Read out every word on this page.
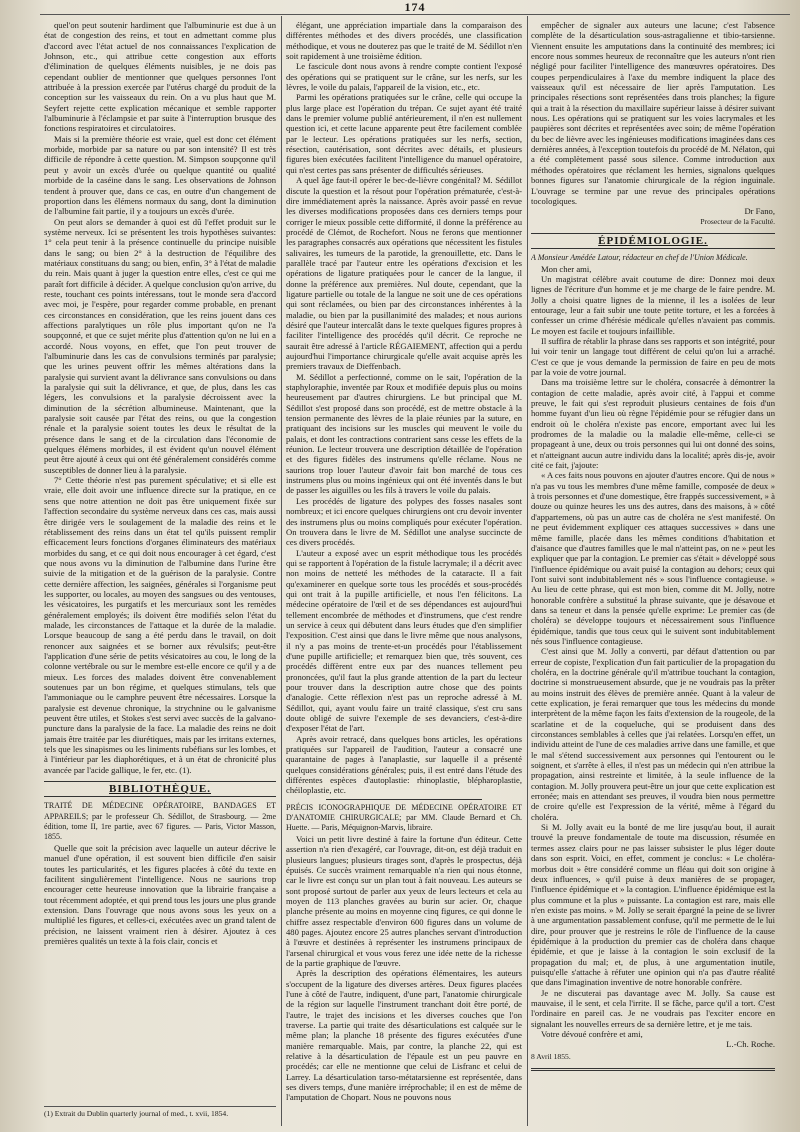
174

quel'on peut soutenir hardiment que l'albuminurie est due à un état de congestion des reins, et tout en admettant comme plus d'accord avec l'état actuel de nos connaissances l'explication de Johnson, etc., qui attribue cette congestion aux efforts d'élimination de quelques éléments nuisibles, je ne dois pas cependant oublier de mentionner que quelques personnes l'ont attribuée à la pression exercée par l'utérus chargé du produit de la conception sur les vaisseaux du rein. On a vu plus haut que M. Seyfert rejette cette explication mécanique et semble rapporter l'albuminurie à l'éclampsie et par suite à l'interruption brusque des fonctions respiratoires et circulatoires.

Mais si la première théorie est vraie, quel est donc cet élément morbide, morbide par sa nature ou par son intensité? Il est très difficile de répondre à cette question. M. Simpson soupçonne qu'il peut y avoir un excès d'urée ou quelque quantité ou qualité morbide de la caséine dans le sang. Les observations de Johnson tendent à prouver que, dans ce cas, en outre d'un changement de proportion dans les élémens normaux du sang, dont la diminution de l'albumine fait partie, il y a toujours un excès d'urée.

On peut alors se demander à quoi est dû l'effet produit sur le système nerveux. Ici se présentent les trois hypothèses suivantes: 1° cela peut tenir à la présence continuelle du principe nuisible dans le sang; ou bien 2° à la destruction de l'équilibre des matériaux constituans du sang; ou bien, enfin, 3° à l'état de maladie du rein. Mais quant à juger la question entre elles, c'est ce qui me paraît fort difficile à décider. A quelque conclusion qu'on arrive, du reste, touchant ces points intéressans, tout le monde sera d'accord avec moi, je l'espère, pour regarder comme probable, en prenant ces circonstances en considération, que les reins jouent dans ces affections paralytiques un rôle plus important qu'on ne l'a soupçonné, et que ce sujet mérite plus d'attention qu'on ne lui en a accordé. Nous voyons, en effet, que l'on peut trouver de l'albuminurie dans les cas de convulsions terminés par paralysie; que les urines peuvent offrir les mêmes altérations dans la paralysie qui survient avant la délivrance sans convulsions ou dans la paralysie qui suit la délivrance, et que, de plus, dans les cas légers, les convulsions et la paralysie décroissent avec la diminution de la sécrétion albumineuse. Maintenant, que la paralysie soit causée par l'état des reins, ou que la congestion rénale et la paralysie soient toutes les deux le résultat de la présence dans le sang et de la circulation dans l'économie de quelques élémens morbides, il est évident qu'un nouvel élément peut être ajouté à ceux qui ont été généralement considérés comme susceptibles de donner lieu à la paralysie.

7° Cette théorie n'est pas purement spéculative; et si elle est vraie, elle doit avoir une influence directe sur la pratique, en ce sens que notre attention ne doit pas être uniquement fixée sur l'affection secondaire du système nerveux dans ces cas, mais aussi être dirigée vers le soulagement de la maladie des reins et le rétablissement des reins dans un état tel qu'ils puissent remplir efficacement leurs fonctions d'organes éliminateurs des matériaux morbides du sang, et ce qui doit nous encourager à cet égard, c'est que nous avons vu la diminution de l'albumine dans l'urine être suivie de la mitigation et de la guérison de la paralysie. Contre cette dernière affection, les saignées, générales si l'organisme peut les supporter, ou locales, au moyen des sangsues ou des ventouses, les vésicatoires, les purgatifs et les mercuriaux sont les remèdes généralement employés; ils doivent être modifiés selon l'état du malade, les circonstances de l'attaque et la durée de la maladie. Lorsque beaucoup de sang a été perdu dans le travail, on doit renoncer aux saignées et se borner aux révulsifs; peut-être l'application d'une série de petits vésicatoires au cou, le long de la colonne vertébrale ou sur le membre est-elle encore ce qu'il y a de mieux. Les forces des malades doivent être convenablement soutenues par un bon régime, et quelques stimulans, tels que l'ammoniaque ou le camphre peuvent être nécessaires. Lorsque la paralysie est devenue chronique, la strychnine ou le galvanisme peuvent être utiles, et Stokes s'est servi avec succès de la galvano-puncture dans la paralysie de la face. La maladie des reins ne doit jamais être traitée par les diurétiques, mais par les irritans externes, tels que les sinapismes ou les liniments rubéfians sur les lombes, et à l'intérieur par les diaphorétiques, et à un état de chronicité plus avancée par l'acide gallique, le fer, etc. (1).

BIBLIOTHÈQUE.

TRAITÉ DE MÉDECINE OPÉRATOIRE, BANDAGES ET APPAREILS; par le professeur Ch. Sédillot, de Strasbourg. — 2me édition, tome II, 1re partie, avec 67 figures. — Paris, Victor Masson, 1855.

Quelle que soit la précision avec laquelle un auteur décrive le manuel d'une opération, il est souvent bien difficile d'en saisir toutes les particularités, et les figures placées à côté du texte en facilitent singulièrement l'intelligence. Nous ne saurions trop encourager cette heureuse innovation que la librairie française a tout récemment adoptée, et qui prend tous les jours une plus grande extension. Dans l'ouvrage que nous avons sous les yeux on a multiplié les figures, et celles-ci, exécutées avec un grand talent de précision, ne laissent vraiment rien à désirer. Ajoutez à ces premières qualités un texte à la fois clair, concis et

(1) Extrait du Dublin quarterly journal of med., t. xvii, 1854.

élégant, une appréciation impartiale dans la comparaison des différentes méthodes et des divers procédés, une classification méthodique, et vous ne douterez pas que le traité de M. Sédillot n'en soit rapidement à une troisième édition.

Le fascicule dont nous avons à rendre compte contient l'exposé des opérations qui se pratiquent sur le crâne, sur les nerfs, sur les lèvres, le voile du palais, l'appareil de la vision, etc., etc.

Parmi les opérations pratiquées sur le crâne, celle qui occupe la plus large place est l'opération du trépan. Ce sujet ayant été traité dans le premier volume publié antérieurement, il n'en est nullement question ici, et cette lacune apparente peut être facilement comblée par le lecteur. Les opérations pratiquées sur les nerfs, section, résection, cautérisation, sont décrites avec détails, et plusieurs figures bien exécutées facilitent l'intelligence du manuel opératoire, qui n'est certes pas sans présenter de difficultés sérieuses.

A quel âge faut-il opérer le bec-de-lièvre congénital? M. Sédillot discute la question et la résout pour l'opération prématurée, c'est-à-dire immédiatement après la naissance. Après avoir passé en revue les diverses modifications proposées dans ces derniers temps pour corriger le mieux possible cette difformité, il donne la préférence au procédé de Clémot, de Rochefort. Nous ne ferons que mentionner les paragraphes consacrés aux opérations que nécessitent les fistules salivaires, les tumeurs de la parotide, la grenouillette, etc. Dans le parallèle tracé par l'auteur entre les opérations d'excision et les opérations de ligature pratiquées pour le cancer de la langue, il donne la préférence aux premières. Nul doute, cependant, que la ligature partielle ou totale de la langue ne soit une de ces opérations qui sont réclamées, ou bien par des circonstances inhérentes à la maladie, ou bien par la pusillanimité des malades; et nous aurions désiré que l'auteur intercalât dans le texte quelques figures propres à faciliter l'intelligence des procédés qu'il décrit. Ce reproche ne saurait être adressé à l'article RÉGAIEMENT, affection qui a perdu aujourd'hui l'importance chirurgicale qu'elle avait acquise après les premiers travaux de Dieffenbach.

M. Sédillot a perfectionné, comme on le sait, l'opération de la staphyloraphie, inventée par Roux et modifiée depuis plus ou moins heureusement par d'autres chirurgiens. Le but principal que M. Sédillot s'est proposé dans son procédé, est de mettre obstacle à la tension permanente des lèvres de la plaie réunies par la suture, en pratiquant des incisions sur les muscles qui meuvent le voile du palais, et dont les contractions contrarient sans cesse les effets de la réunion. Le lecteur trouvera une description détaillée de l'opération et des figures fidèles des instrumens qu'elle réclame. Nous ne saurions trop louer l'auteur d'avoir fait bon marché de tous ces instrumens plus ou moins ingénieux qui ont été inventés dans le but de passer les aiguilles ou les fils à travers le voile du palais.

Les procédés de ligature des polypes des fosses nasales sont nombreux; et ici encore quelques chirurgiens ont cru devoir inventer des instrumens plus ou moins compliqués pour exécuter l'opération. On trouvera dans le livre de M. Sédillot une analyse succincte de ces divers procédés.

L'auteur a exposé avec un esprit méthodique tous les procédés qui se rapportent à l'opération de la fistule lacrymale; il a décrit avec non moins de netteté les méthodes de la cataracte. Il a fait qu'examinerer en quelque sorte tous les procédés et sous-procédés qui ont trait à la pupille artificielle, et nous l'en félicitons. La médecine opératoire de l'œil et de ses dépendances est aujourd'hui tellement encombrée de méthodes et d'instrumens, que c'est rendre un service à ceux qui débutent dans leurs études que d'en simplifier l'exposition. C'est ainsi que dans le livre même que nous analysons, il n'y a pas moins de trente-et-un procédés pour l'établissement d'une pupille artificielle; et remarquez bien que, très souvent, ces procédés diffèrent entre eux par des nuances tellement peu prononcées, qu'il faut la plus grande attention de la part du lecteur pour trouver dans la description autre chose que des points d'analogie. Cette réflexion n'est pas un reproche adressé à M. Sédillot, qui, ayant voulu faire un traité classique, s'est cru sans doute obligé de suivre l'exemple de ses devanciers, c'est-à-dire d'exposer l'état de l'art.

Après avoir retracé, dans quelques bons articles, les opérations pratiquées sur l'appareil de l'audition, l'auteur a consacré une quarantaine de pages à l'anaplastie, sur laquelle il a présenté quelques considérations générales; puis, il est entré dans l'étude des différentes espèces d'autoplastie: rhinoplastie, blépharoplastie, chéiloplastie, etc.

PRÉCIS ICONOGRAPHIQUE DE MÉDECINE OPÉRATOIRE ET D'ANATOMIE CHIRURGICALE; par MM. Claude Bernard et Ch. Huette. — Paris, Méquignon-Marvis, libraire.

Voici un petit livre destiné à faire la fortune d'un éditeur. Cette assertion n'a rien d'exagéré, car l'ouvrage, dit-on, est déjà traduit en plusieurs langues; plusieurs tirages sont, d'après le prospectus, déjà épuisés. Ce succès vraiment remarquable n'a rien qui nous étonne, car le livre est conçu sur un plan tout à fait nouveau. Les auteurs se sont proposé surtout de parler aux yeux de leurs lecteurs et cela au moyen de 113 planches gravées au burin sur acier. Or, chaque planche présente au moins en moyenne cinq figures, ce qui donne le chiffre assez respectable d'environ 600 figures dans un volume de 480 pages. Ajoutez encore 25 autres planches servant d'introduction à l'œuvre et destinées à représenter les instrumens principaux de l'arsenal chirurgical et vous vous ferez une idée nette de la richesse de la partie graphique de l'œuvre.

Après la description des opérations élémentaires, les auteurs s'occupent de la ligature des diverses artères. Deux figures placées l'une à côté de l'autre, indiquent, d'une part, l'anatomie chirurgicale de la région sur laquelle l'instrument tranchant doit être porté, de l'autre, le trajet des incisions et les diverses couches que l'on traverse. La partie qui traite des désarticulations est calquée sur le même plan; la planche 18 présente des figures exécutées d'une manière remarquable. Mais, par contre, la planche 22, qui est relative à la désarticulation de l'épaule est un peu pauvre en procédés; car elle ne mentionne que celui de Lisfranc et celui de Larrey. La désarticulation tarso-métatarsienne est représentée, dans ses divers temps, d'une manière irréprochable; il en est de même de l'amputation de Chopart. Nous ne pouvons nous

empêcher de signaler aux auteurs une lacune; c'est l'absence complète de la désarticulation sous-astragalienne et tibio-tarsienne. Viennent ensuite les amputations dans la continuité des membres; ici encore nous sommes heureux de reconnaître que les auteurs n'ont rien négligé pour faciliter l'intelligence des manœuvres opératoires. Des coupes perpendiculaires à l'axe du membre indiquent la place des vaisseaux qu'il est nécessaire de lier après l'amputation. Les principales résections sont représentées dans trois planches; la figure qui a trait à la résection du maxillaire supérieur laisse à désirer suivant nous. Les opérations qui se pratiquent sur les voies lacrymales et les paupières sont décrites et représentées avec soin; de même l'opération du bec de lièvre avec les ingénieuses modifications imaginées dans ces dernières années, à l'exception toutefois du procédé de M. Nélaton, qui a été complètement passé sous silence. Comme introduction aux méthodes opératoires que réclament les hernies, signalons quelques bonnes figures sur l'anatomie chirurgicale de la région inguinale. L'ouvrage se termine par une revue des principales opérations tocologiques.

Dr Fano,

Prosecteur de la Faculté.

ÉPIDÉMIOLOGIE.

A Monsieur Amédée Latour, rédacteur en chef de l'Union Médicale.

Mon cher ami,

Un magistrat célèbre avait coutume de dire: Donnez moi deux lignes de l'écriture d'un homme et je me charge de le faire pendre. M. Jolly a choisi quatre lignes de la mienne, il les a isolées de leur entourage, leur a fait subir une toute petite torture, et les a forcées à confesser un crime d'hérésie médicale qu'elles n'avaient pas commis. Le moyen est facile et toujours infaillible.

Il suffira de rétablir la phrase dans ses rapports et son intégrité, pour lui voir tenir un langage tout différent de celui qu'on lui a arraché. C'est ce que je vous demande la permission de faire en peu de mots par la voie de votre journal.

Dans ma troisième lettre sur le choléra, consacrée à démontrer la contagion de cette maladie, après avoir cité, à l'appui et comme preuve, le fait qui s'est reproduit plusieurs centaines de fois d'un homme fuyant d'un lieu où règne l'épidémie pour se réfugier dans un endroit où le choléra n'existe pas encore, emportant avec lui les prodromes de la maladie ou la maladie elle-même, celle-ci se propageant à une, deux ou trois personnes qui lui ont donné des soins, et n'atteignant aucun autre individu dans la localité; après dis-je, avoir cité ce fait, j'ajoute:

« A ces faits nous pouvons en ajouter d'autres encore. Qui de nous » n'a pas vu tous les membres d'une même famille, composée de deux » à trois personnes et d'une domestique, être frappés successivement, » à douze ou quinze heures les uns des autres, dans des maisons, à » côté d'appartemens, où pas un autre cas de choléra ne s'est manifesté. On ne peut évidemment expliquer ces attaques successives » dans une même famille, placée dans les mêmes conditions d'habitation et d'aisance que d'autres familles que le mal n'atteint pas, on ne » peut les expliquer que par la contagion. Le premier cas s'était » développé sous l'influence épidémique ou avait puisé la contagion au dehors; ceux qui l'ont suivi sont indubitablement nés » sous l'influence contagieuse. » Au lieu de cette phrase, qui est mon bien, comme dit M. Jolly, notre honorable confrère a substitué la phrase suivante, que je désavoue et dans sa teneur et dans la pensée qu'elle exprime: Le premier cas (de choléra) se développe toujours et nécessairement sous l'influence épidémique, tandis que tous ceux qui le suivent sont indubitablement nés sous l'influence contagieuse.

C'est ainsi que M. Jolly a converti, par défaut d'attention ou par erreur de copiste, l'explication d'un fait particulier de la propagation du choléra, en la doctrine générale qu'il m'attribue touchant la contagion, doctrine si monstrueusement absurde, que je ne voudrais pas la prêter au moins instruit des élèves de première année. Quant à la valeur de cette explication, je ferai remarquer que tous les médecins du monde interprètent de la même façon les faits d'extension de la rougeole, de la scarlatine et de la coqueluche, qui se produisent dans des circonstances semblables à celles que j'ai relatées. Lorsqu'en effet, un individu atteint de l'une de ces maladies arrive dans une famille, et que le mal s'étend successivement aux personnes qui l'entourent ou le soignent, et s'arrête à elles, il n'est pas un médecin qui n'en attribue la propagation, ainsi restreinte et limitée, à la seule influence de la contagion. M. Jolly prouvera peut-être un jour que cette explication est erronée; mais en attendant ses preuves, il voudra bien nous permettre de croire qu'elle est l'expression de la vérité, même à l'égard du choléra.

Si M. Jolly avait eu la bonté de me lire jusqu'au bout, il aurait trouvé la preuve fondamentale de toute ma discussion, résumée en termes assez clairs pour ne pas laisser subsister le plus léger doute dans son esprit. Voici, en effet, comment je conclus: « Le choléra-morbus doit » être considéré comme un fléau qui doit son origine à deux influences, » qu'il puise à deux manières de se propager, l'influence épidémique et » la contagion. L'influence épidémique est la plus commune et la plus » puissante. La contagion est rare, mais elle n'en existe pas moins. » M. Jolly se serait épargné la peine de se livrer à une argumentation passablement confuse, qu'il me permette de le lui dire, pour prouver que je restreins le rôle de l'influence de la cause épidémique à la production du premier cas de choléra dans chaque épidémie, et que je laisse à la contagion le soin exclusif de la propagation du mal; et, de plus, à une argumentation inutile, puisqu'elle s'attache à réfuter une opinion qui n'a pas d'autre réalité que dans l'imagination inventive de notre honorable confrère.

Je ne discuterai pas davantage avec M. Jolly. Sa cause est mauvaise, il le sent, et cela l'irrite. Il se fâche, parce qu'il a tort. C'est l'ordinaire en pareil cas. Je ne voudrais pas l'exciter encore en signalant les nouvelles erreurs de sa dernière lettre, et je me tais.

Votre dévoué confrère et ami,

L.-Ch. Roche.

8 Avril 1855.
